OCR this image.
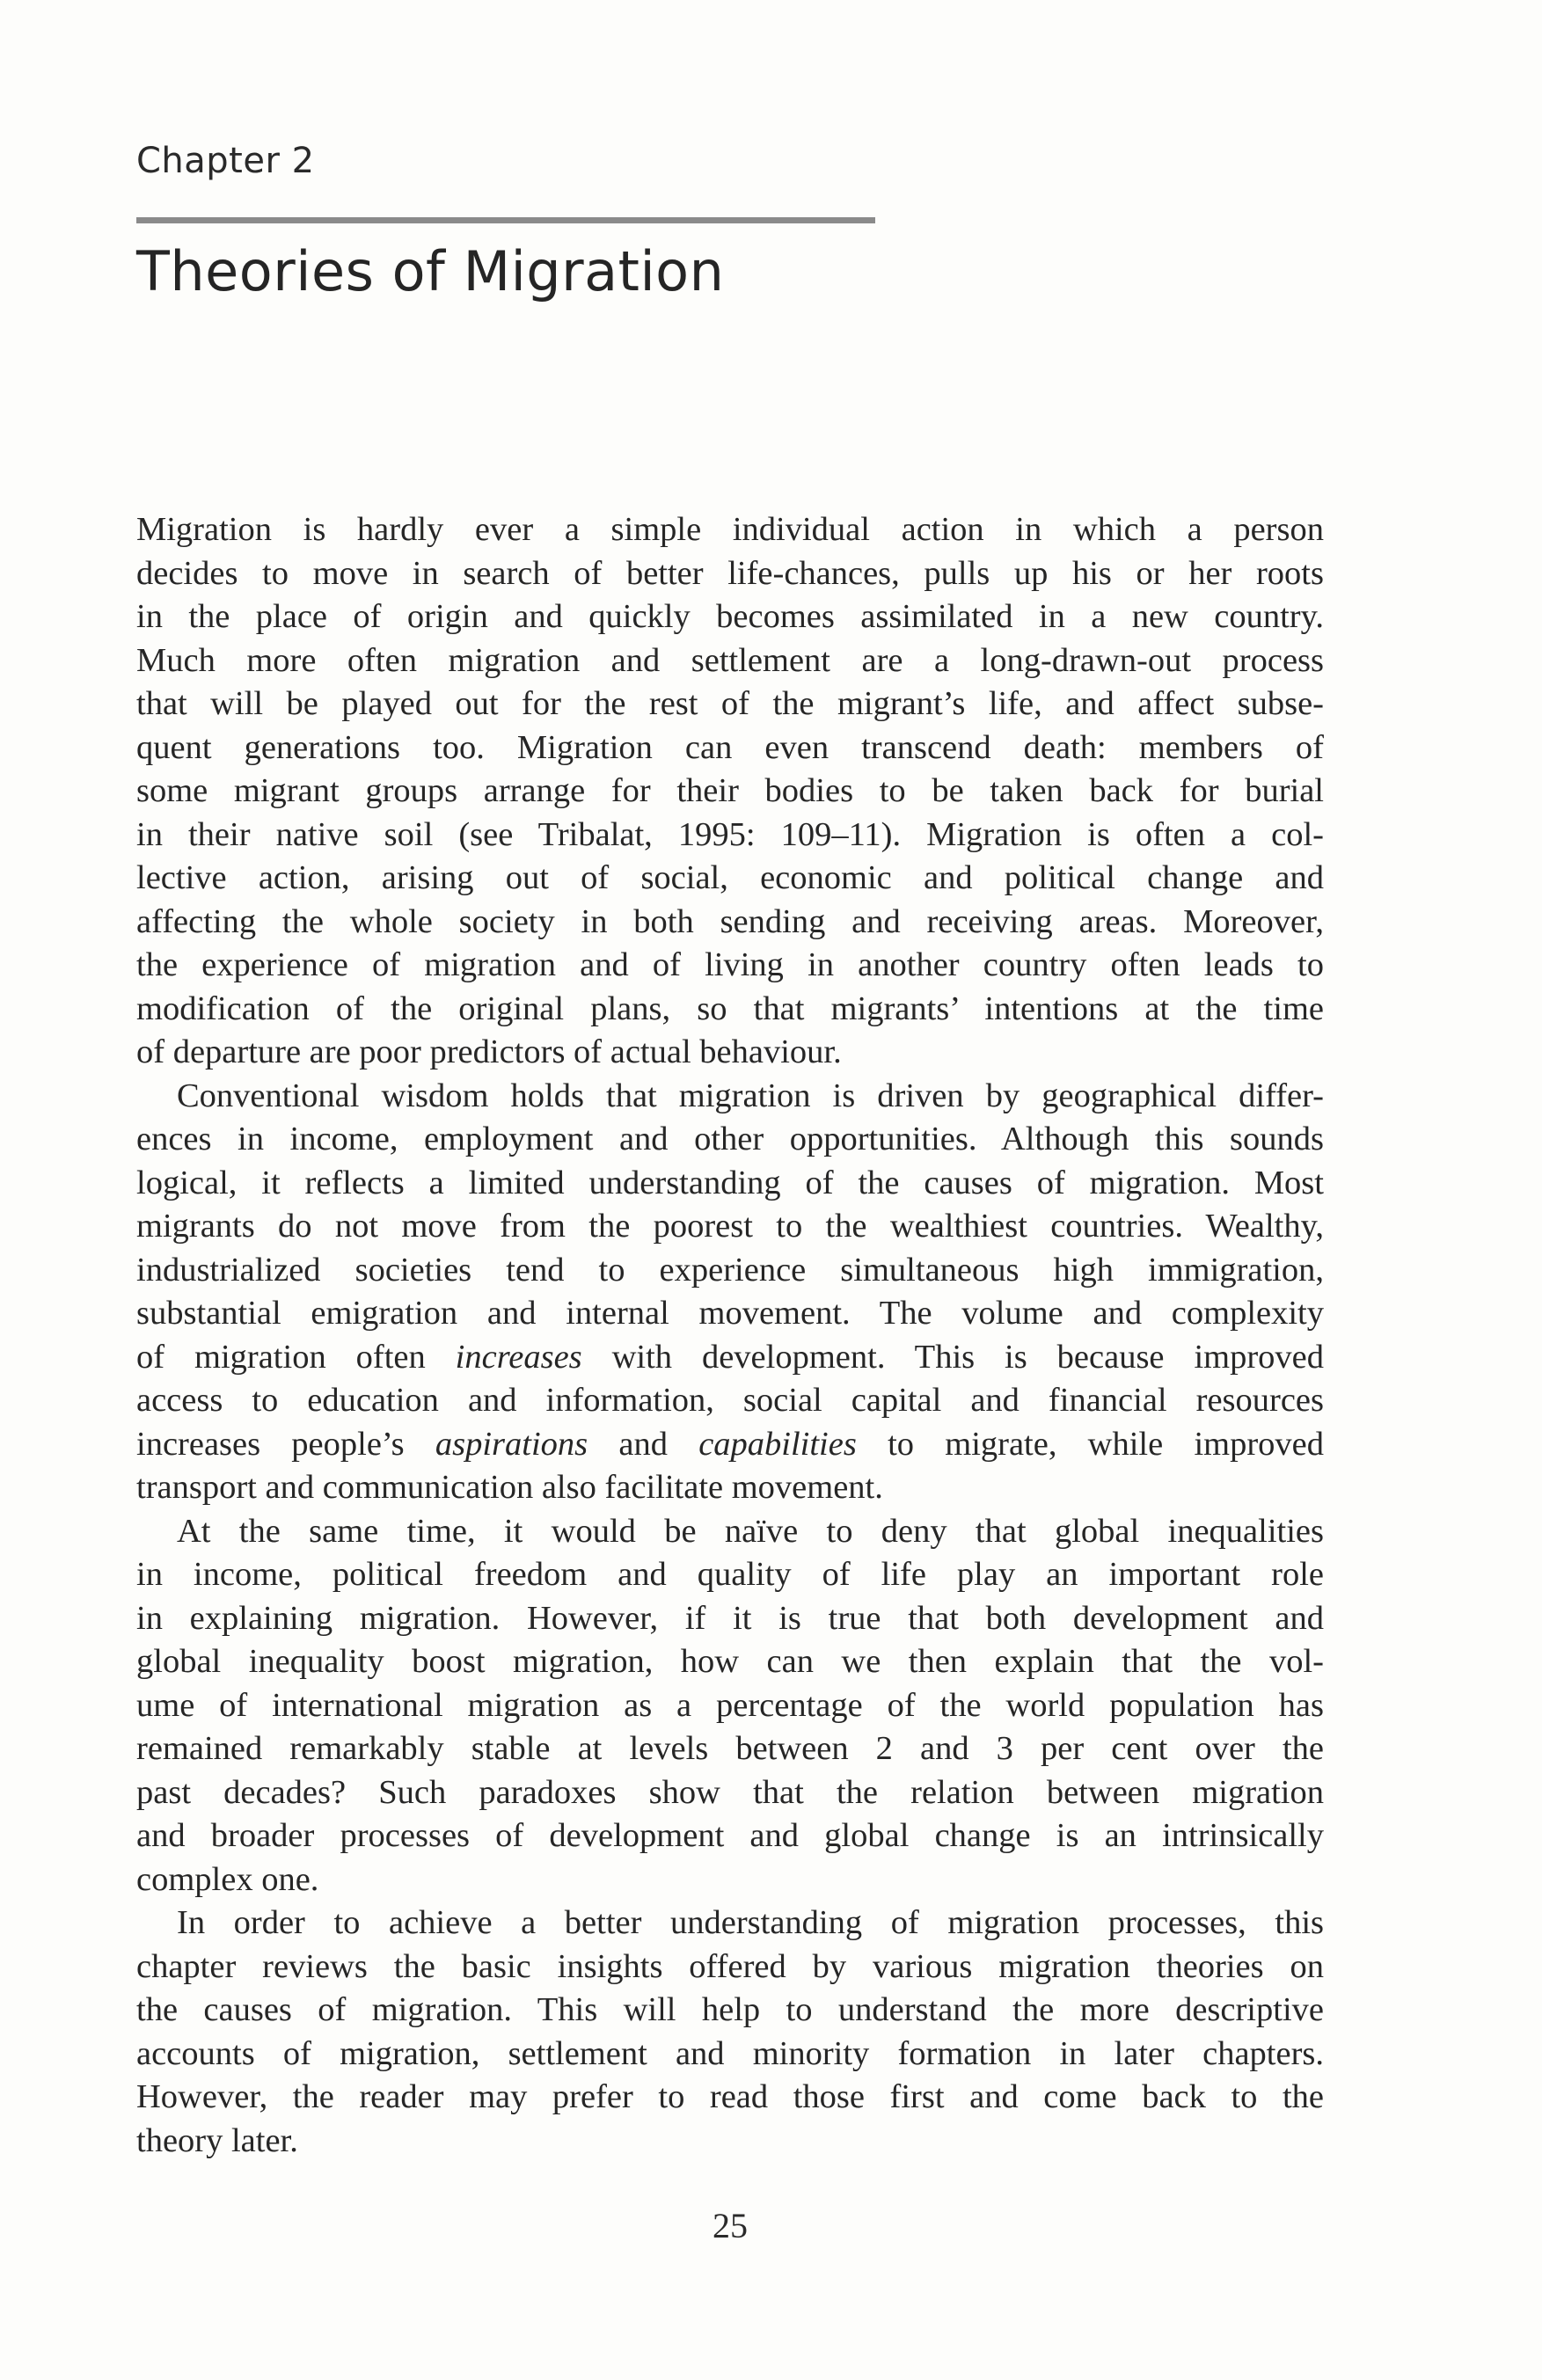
Chapter 2
Theories of Migration
Migration is hardly ever a simple individual action in which a person
decides to move in search of better life-chances, pulls up his or her roots
in the place of origin and quickly becomes assimilated in a new country.
Much more often migration and settlement are a long-drawn-out process
that will be played out for the rest of the migrant’s life, and affect subse-
quent generations too. Migration can even transcend death: members of
some migrant groups arrange for their bodies to be taken back for burial
in their native soil (see Tribalat, 1995: 109–11). Migration is often a col-
lective action, arising out of social, economic and political change and
affecting the whole society in both sending and receiving areas. Moreover,
the experience of migration and of living in another country often leads to
modification of the original plans, so that migrants’ intentions at the time
of departure are poor predictors of actual behaviour.
Conventional wisdom holds that migration is driven by geographical differ-
ences in income, employment and other opportunities. Although this sounds
logical, it reflects a limited understanding of the causes of migration. Most
migrants do not move from the poorest to the wealthiest countries. Wealthy,
industrialized societies tend to experience simultaneous high immigration,
substantial emigration and internal movement. The volume and complexity
of migration often increases with development. This is because improved
access to education and information, social capital and financial resources
increases people’s aspirations and capabilities to migrate, while improved
transport and communication also facilitate movement.
At the same time, it would be naïve to deny that global inequalities
in income, political freedom and quality of life play an important role
in explaining migration. However, if it is true that both development and
global inequality boost migration, how can we then explain that the vol-
ume of international migration as a percentage of the world population has
remained remarkably stable at levels between 2 and 3 per cent over the
past decades? Such paradoxes show that the relation between migration
and broader processes of development and global change is an intrinsically
complex one.
In order to achieve a better understanding of migration processes, this
chapter reviews the basic insights offered by various migration theories on
the causes of migration. This will help to understand the more descriptive
accounts of migration, settlement and minority formation in later chapters.
However, the reader may prefer to read those first and come back to the
theory later.
25
